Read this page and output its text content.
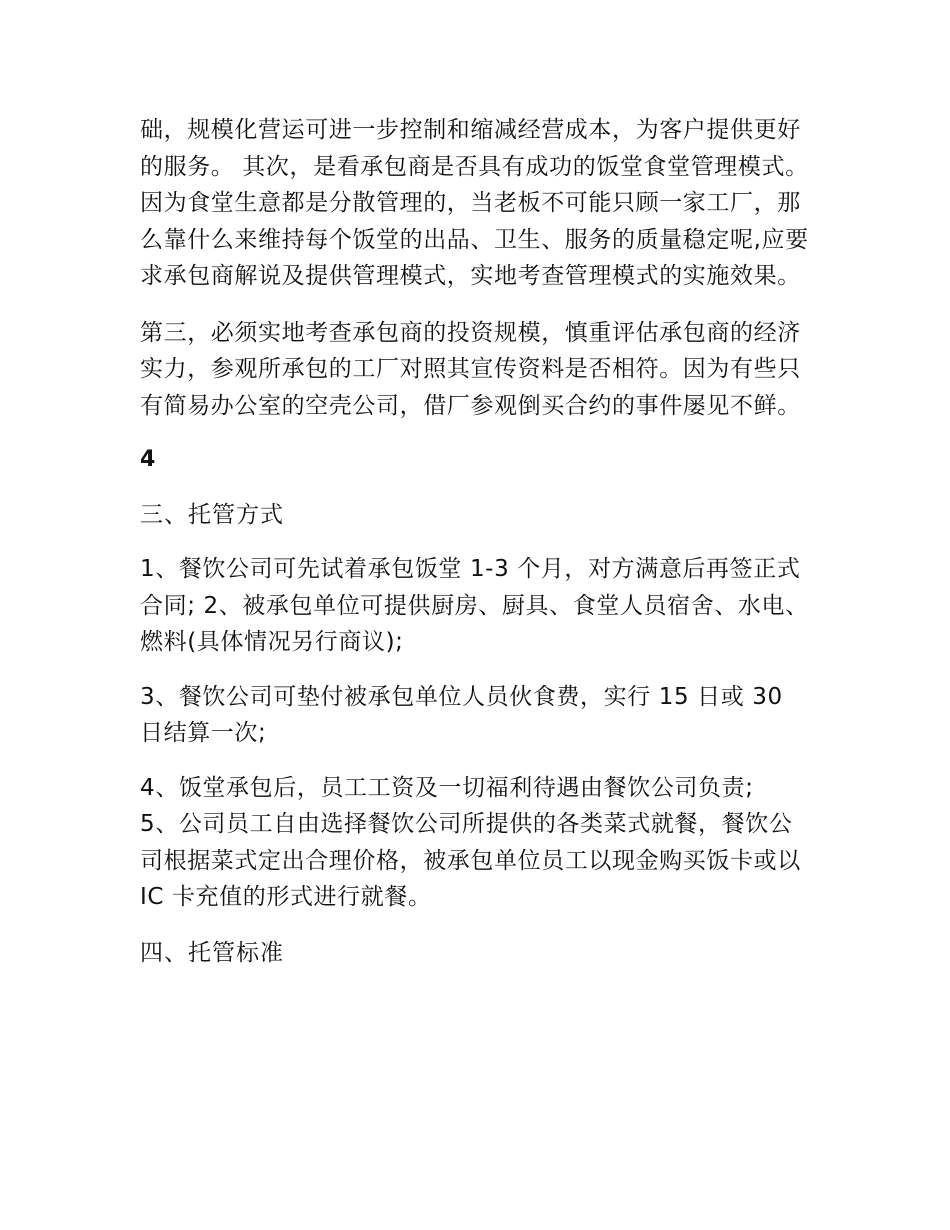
础，规模化营运可进一步控制和缩减经营成本，为客户提供更好的服务。 其次，是看承包商是否具有成功的饭堂食堂管理模式。因为食堂生意都是分散管理的，当老板不可能只顾一家工厂，那么靠什么来维持每个饭堂的出品、卫生、服务的质量稳定呢,应要求承包商解说及提供管理模式，实地考查管理模式的实施效果。

第三，必须实地考查承包商的投资规模，慎重评估承包商的经济实力，参观所承包的工厂对照其宣传资料是否相符。因为有些只有简易办公室的空壳公司，借厂参观倒买合约的事件屡见不鲜。

4
三、托管方式

1、餐饮公司可先试着承包饭堂 1-3 个月，对方满意后再签正式合同; 2、被承包单位可提供厨房、厨具、食堂人员宿舍、水电、燃料(具体情况另行商议);

3、餐饮公司可垫付被承包单位人员伙食费，实行 15 日或 30 日结算一次;

4、饭堂承包后，员工工资及一切福利待遇由餐饮公司负责;

5、公司员工自由选择餐饮公司所提供的各类菜式就餐，餐饮公司根据菜式定出合理价格，被承包单位员工以现金购买饭卡或以 IC 卡充值的形式进行就餐。

四、托管标准
